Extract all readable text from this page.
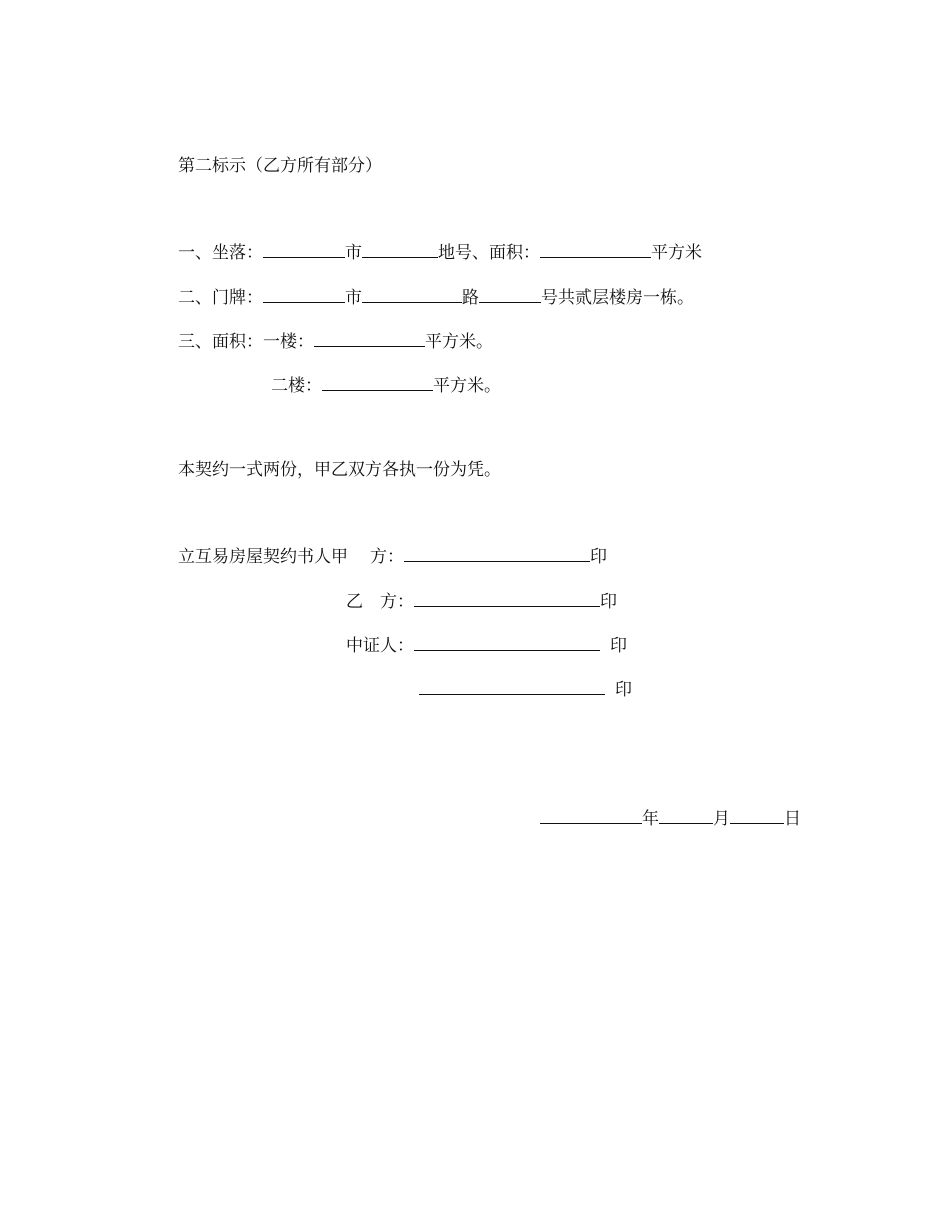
第二标示（乙方所有部分）
一、坐落：	市	地号、面积：	平方米
二、门牌：	市	路	号共贰层楼房一栋。
三、面积：一楼：	平方米。
二楼：	平方米。
本契约一式两份，甲乙双方各执一份为凭。
立互易房屋契约书人甲 方：	印
乙　方：	印
中证人：	印
印
年	月	日
